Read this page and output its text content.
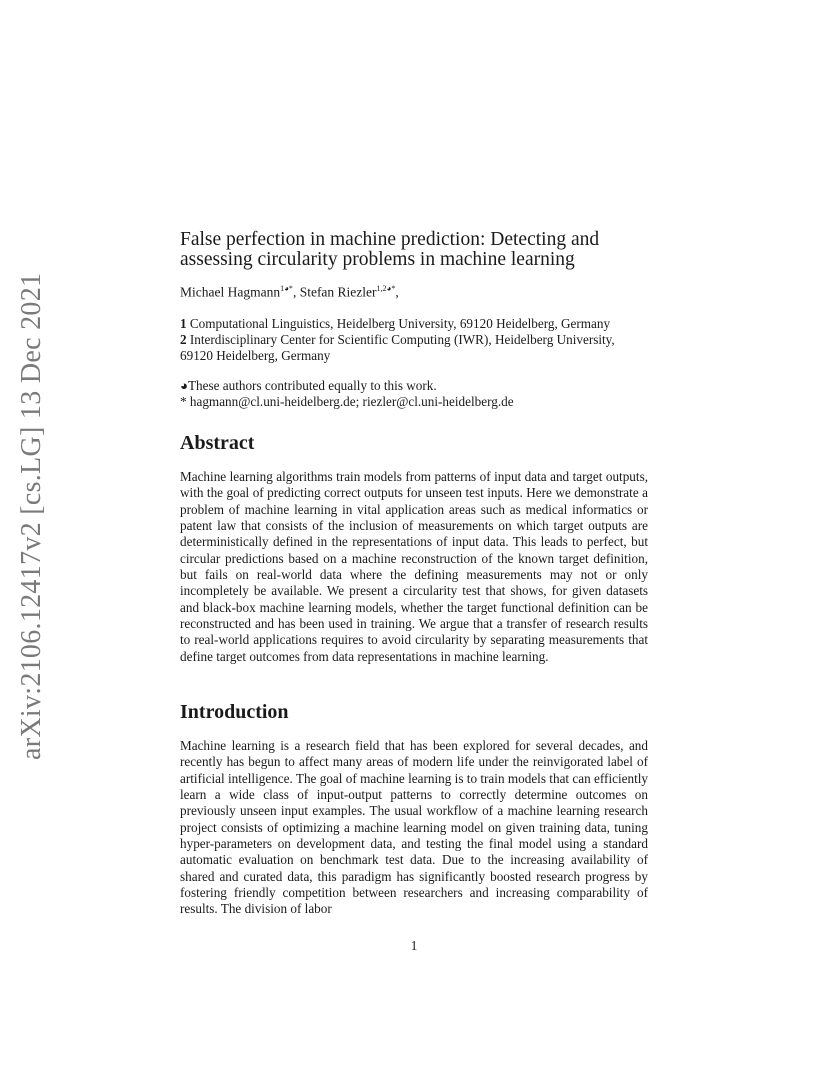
arXiv:2106.12417v2 [cs.LG] 13 Dec 2021
False perfection in machine prediction: Detecting and
assessing circularity problems in machine learning
Michael Hagmann$^{1◕*}$, Stefan Riezler$^{1,2◕*}$,
1 Computational Linguistics, Heidelberg University, 69120 Heidelberg, Germany
2 Interdisciplinary Center for Scientific Computing (IWR), Heidelberg University, 69120 Heidelberg, Germany
◕These authors contributed equally to this work.
* hagmann@cl.uni-heidelberg.de; riezler@cl.uni-heidelberg.de
Abstract

Machine learning algorithms train models from patterns of input data and target outputs, with the goal of predicting correct outputs for unseen test inputs. Here we demonstrate a problem of machine learning in vital application areas such as medical informatics or patent law that consists of the inclusion of measurements on which target outputs are deterministically defined in the representations of input data. This leads to perfect, but circular predictions based on a machine reconstruction of the known target definition, but fails on real-world data where the defining measurements may not or only incompletely be available. We present a circularity test that shows, for given datasets and black-box machine learning models, whether the target functional definition can be reconstructed and has been used in training. We argue that a transfer of research results to real-world applications requires to avoid circularity by separating measurements that define target outcomes from data representations in machine learning.

Introduction

Machine learning is a research field that has been explored for several decades, and recently has begun to affect many areas of modern life under the reinvigorated label of artificial intelligence. The goal of machine learning is to train models that can efficiently learn a wide class of input-output patterns to correctly determine outcomes on previously unseen input examples. The usual workflow of a machine learning research project consists of optimizing a machine learning model on given training data, tuning hyper-parameters on development data, and testing the final model using a standard automatic evaluation on benchmark test data. Due to the increasing availability of shared and curated data, this paradigm has significantly boosted research progress by fostering friendly competition between researchers and increasing comparability of results. The division of labor

1
